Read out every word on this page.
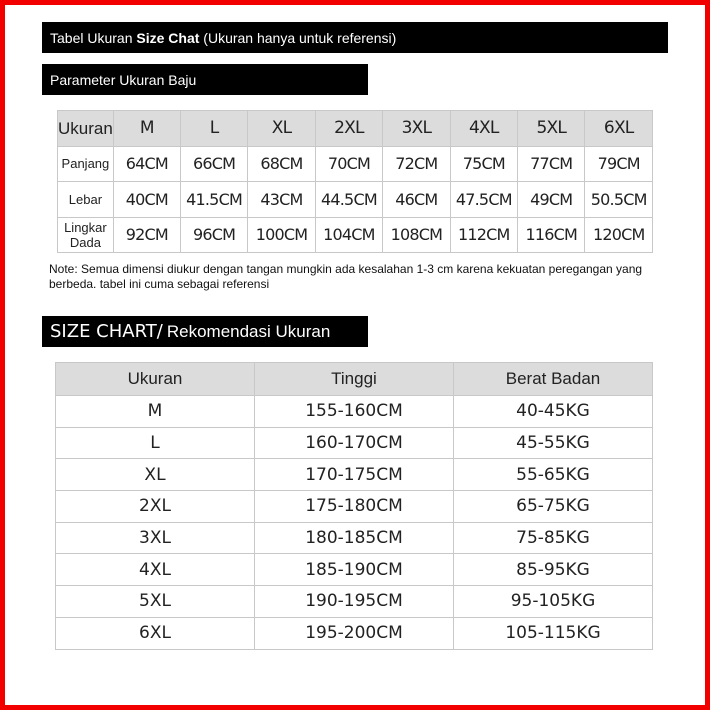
Tabel Ukuran Size Chat (Ukuran hanya untuk referensi)
Parameter Ukuran Baju
Ukuran	M	L	XL	2XL	3XL	4XL	5XL	6XL
Panjang	64CM	66CM	68CM	70CM	72CM	75CM	77CM	79CM
Lebar	40CM	41.5CM	43CM	44.5CM	46CM	47.5CM	49CM	50.5CM
Lingkar Dada	92CM	96CM	100CM	104CM	108CM	112CM	116CM	120CM
Note: Semua dimensi diukur dengan tangan mungkin ada kesalahan 1-3 cm karena kekuatan peregangan yang berbeda. tabel ini cuma sebagai referensi
SIZE CHART/ Rekomendasi Ukuran
Ukuran	Tinggi	Berat Badan
M	155-160CM	40-45KG
L	160-170CM	45-55KG
XL	170-175CM	55-65KG
2XL	175-180CM	65-75KG
3XL	180-185CM	75-85KG
4XL	185-190CM	85-95KG
5XL	190-195CM	95-105KG
6XL	195-200CM	105-115KG
